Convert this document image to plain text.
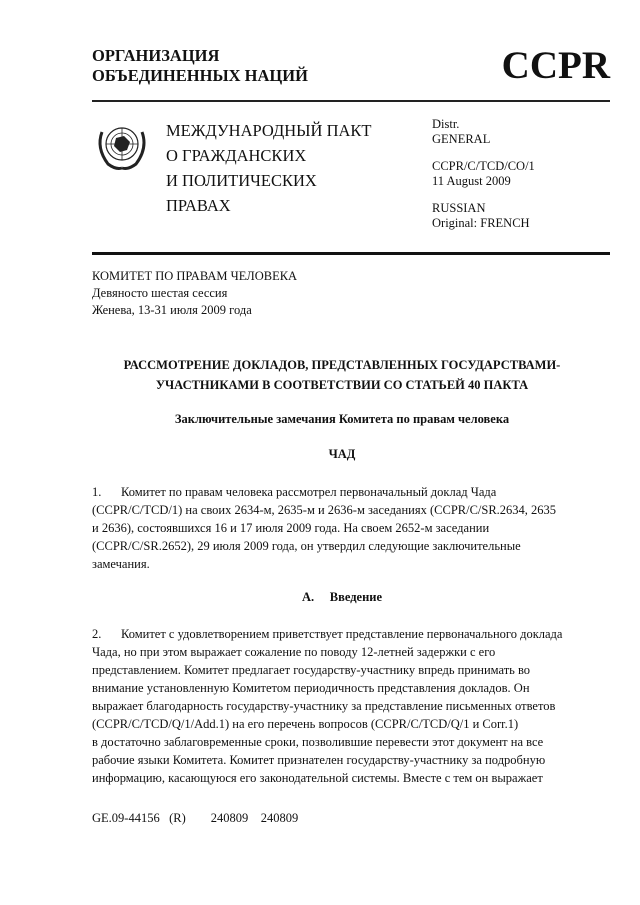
ОРГАНИЗАЦИЯ
ОБЪЕДИНЕННЫХ НАЦИЙ	CCPR
МЕЖДУНАРОДНЫЙ ПАКТ
О ГРАЖДАНСКИХ
И ПОЛИТИЧЕСКИХ
ПРАВАХ
Distr.
GENERAL
CCPR/C/TCD/CO/1
11 August 2009
RUSSIAN
Original: FRENCH
КОМИТЕТ ПО ПРАВАМ ЧЕЛОВЕКА
Девяносто шестая сессия
Женева, 13-31 июля 2009 года
РАССМОТРЕНИЕ ДОКЛАДОВ, ПРЕДСТАВЛЕННЫХ ГОСУДАРСТВАМИ-
УЧАСТНИКАМИ В СООТВЕТСТВИИ СО СТАТЬЕЙ 40 ПАКТА
Заключительные замечания Комитета по правам человека
ЧАД
1. Комитет по правам человека рассмотрел первоначальный доклад Чада
(CCPR/C/TCD/1) на своих 2634-м, 2635-м и 2636-м заседаниях (CCPR/C/SR.2634, 2635
и 2636), состоявшихся 16 и 17 июля 2009 года. На своем 2652-м заседании
(CCPR/C/SR.2652), 29 июля 2009 года, он утвердил следующие заключительные
замечания.
A.     Введение
2. Комитет с удовлетворением приветствует представление первоначального доклада
Чада, но при этом выражает сожаление по поводу 12-летней задержки с его
представлением. Комитет предлагает государству-участнику впредь принимать во
внимание установленную Комитетом периодичность представления докладов. Он
выражает благодарность государству-участнику за представление письменных ответов
(CCPR/C/TCD/Q/1/Add.1) на его перечень вопросов (CCPR/C/TCD/Q/1 и Corr.1)
в достаточно заблаговременные сроки, позволившие перевести этот документ на все
рабочие языки Комитета. Комитет признателен государству-участнику за подробную
информацию, касающуюся его законодательной системы. Вместе с тем он выражает
GE.09-44156   (R)        240809    240809
